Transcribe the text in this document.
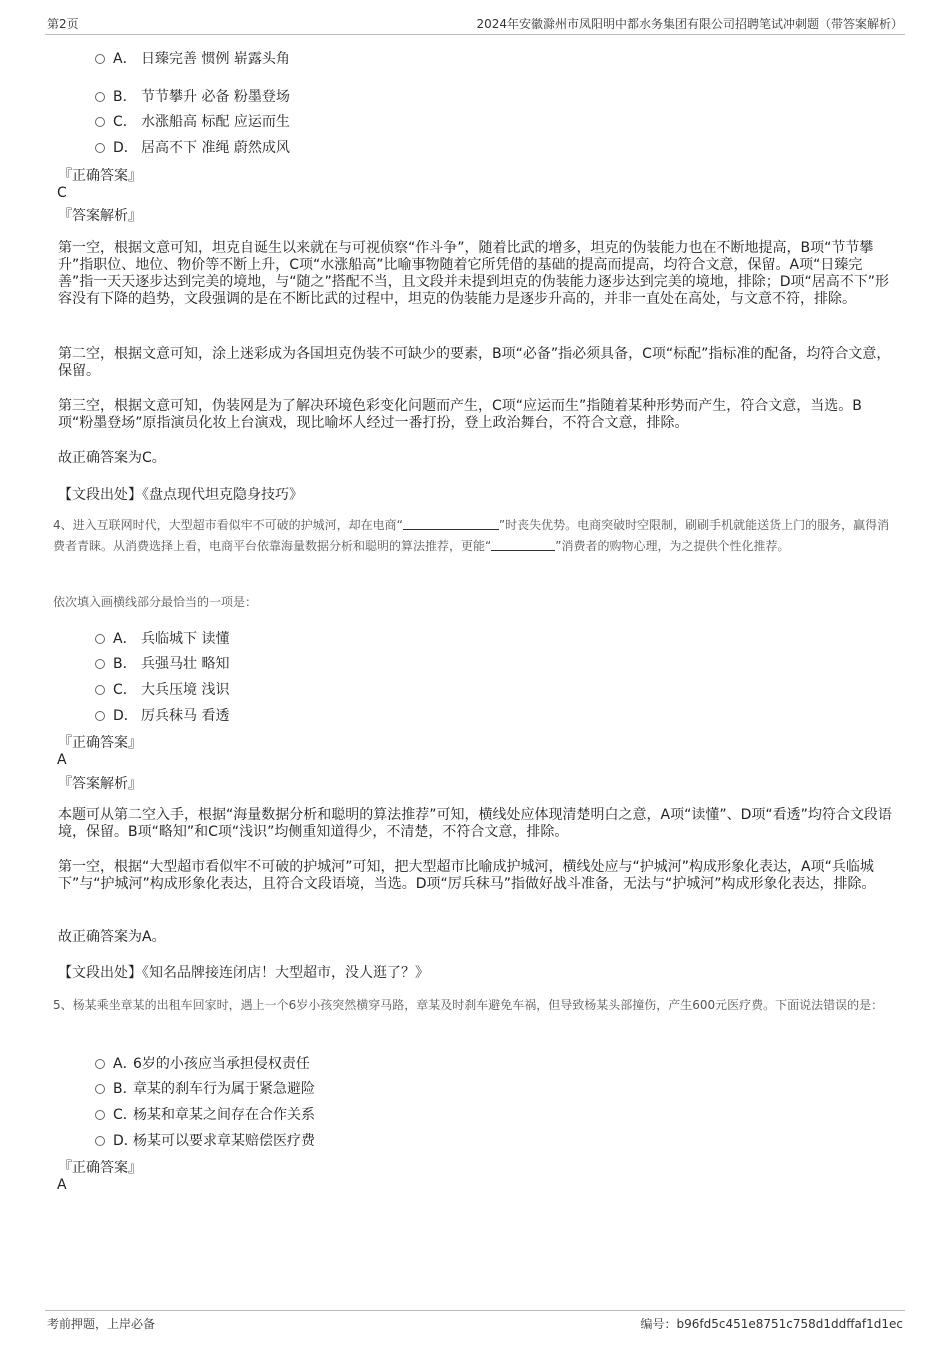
第2页	2024年安徽滁州市凤阳明中都水务集团有限公司招聘笔试冲刺题（带答案解析）
A． 日臻完善 惯例 崭露头角
B． 节节攀升 必备 粉墨登场
C． 水涨船高 标配 应运而生
D． 居高不下 准绳 蔚然成风
『正确答案』
C
『答案解析』
第一空，根据文意可知，坦克自诞生以来就在与可视侦察“作斗争”，随着比武的增多，坦克的伪装能力也在不断地提高，B项“节节攀升”指职位、地位、物价等不断上升，C项“水涨船高”比喻事物随着它所凭借的基础的提高而提高，均符合文意，保留。A项“日臻完善”指一天天逐步达到完美的境地，与“随之”搭配不当，且文段并未提到坦克的伪装能力逐步达到完美的境地，排除；D项“居高不下”形容没有下降的趋势，文段强调的是在不断比武的过程中，坦克的伪装能力是逐步升高的，并非一直处在高处，与文意不符，排除。
第二空，根据文意可知，涂上迷彩成为各国坦克伪装不可缺少的要素，B项“必备”指必须具备，C项“标配”指标准的配备，均符合文意，保留。
第三空，根据文意可知，伪装网是为了解决环境色彩变化问题而产生，C项“应运而生”指随着某种形势而产生，符合文意，当选。B项“粉墨登场”原指演员化妆上台演戏，现比喻坏人经过一番打扮，登上政治舞台，不符合文意，排除。
故正确答案为C。
【文段出处】《盘点现代坦克隐身技巧》
4、进入互联网时代，大型超市看似牢不可破的护城河，却在电商“	”时丧失优势。电商突破时空限制，刷刷手机就能送货上门的服务，赢得消费者青睐。从消费选择上看，电商平台依靠海量数据分析和聪明的算法推荐，更能“	”消费者的购物心理，为之提供个性化推荐。
依次填入画横线部分最恰当的一项是：
A． 兵临城下 读懂
B． 兵强马壮 略知
C． 大兵压境 浅识
D． 厉兵秣马 看透
『正确答案』
A
『答案解析』
本题可从第二空入手，根据“海量数据分析和聪明的算法推荐”可知，横线处应体现清楚明白之意，A项“读懂”、D项“看透”均符合文段语境，保留。B项“略知”和C项“浅识”均侧重知道得少，不清楚，不符合文意，排除。
第一空，根据“大型超市看似牢不可破的护城河”可知，把大型超市比喻成护城河，横线处应与“护城河”构成形象化表达，A项“兵临城下”与“护城河”构成形象化表达，且符合文段语境，当选。D项“厉兵秣马”指做好战斗准备，无法与“护城河”构成形象化表达，排除。
故正确答案为A。
【文段出处】《知名品牌接连闭店！大型超市，没人逛了？》
5、杨某乘坐章某的出租车回家时，遇上一个6岁小孩突然横穿马路，章某及时刹车避免车祸，但导致杨某头部撞伤，产生600元医疗费。下面说法错误的是：
A．6岁的小孩应当承担侵权责任
B．章某的刹车行为属于紧急避险
C．杨某和章某之间存在合作关系
D．杨某可以要求章某赔偿医疗费
『正确答案』
A
考前押题，上岸必备	编号：b96fd5c451e8751c758d1ddffaf1d1ec
